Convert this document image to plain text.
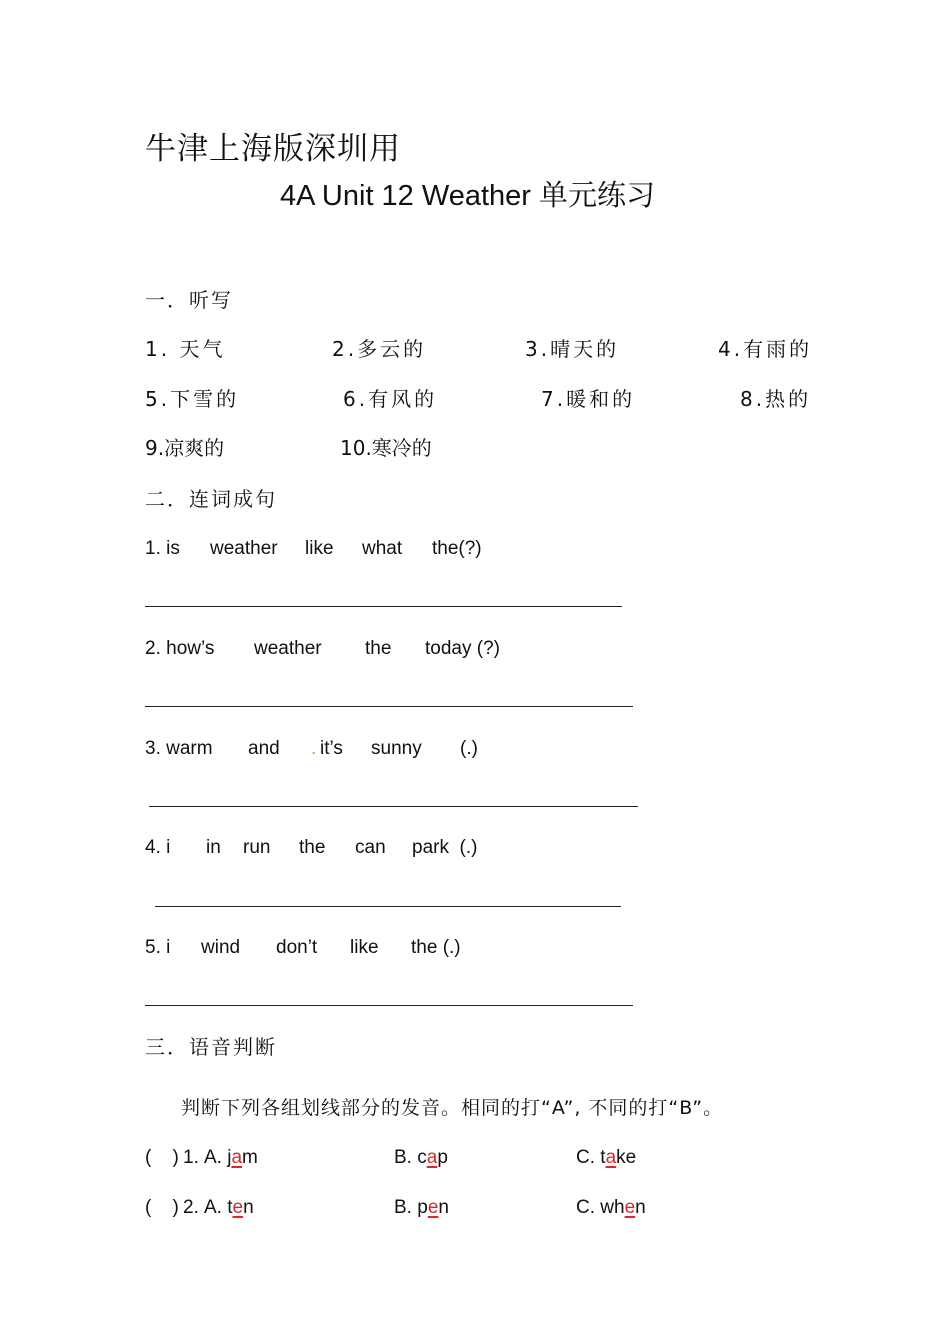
牛津上海版深圳用
4A Unit 12 Weather 单元练习
一．听写
1. 天气	2.多云的	3.晴天的	4.有雨的
5.下雪的	6.有风的	7.暖和的	8.热的
9.凉爽的	10.寒冷的
二．连词成句
1. is weather like what the(?)
2. how’s weather the today (?)
3. warm and . it’s sunny (.)
4. i in run the can park  (.)
5. i wind don’t like the (.)
三．语音判断
判断下列各组划线部分的发音。相同的打“A”, 不同的打“B”。
(    ) 1. A. jam	B. cap	C. take
(    ) 2. A. ten	B. pen	C. when
